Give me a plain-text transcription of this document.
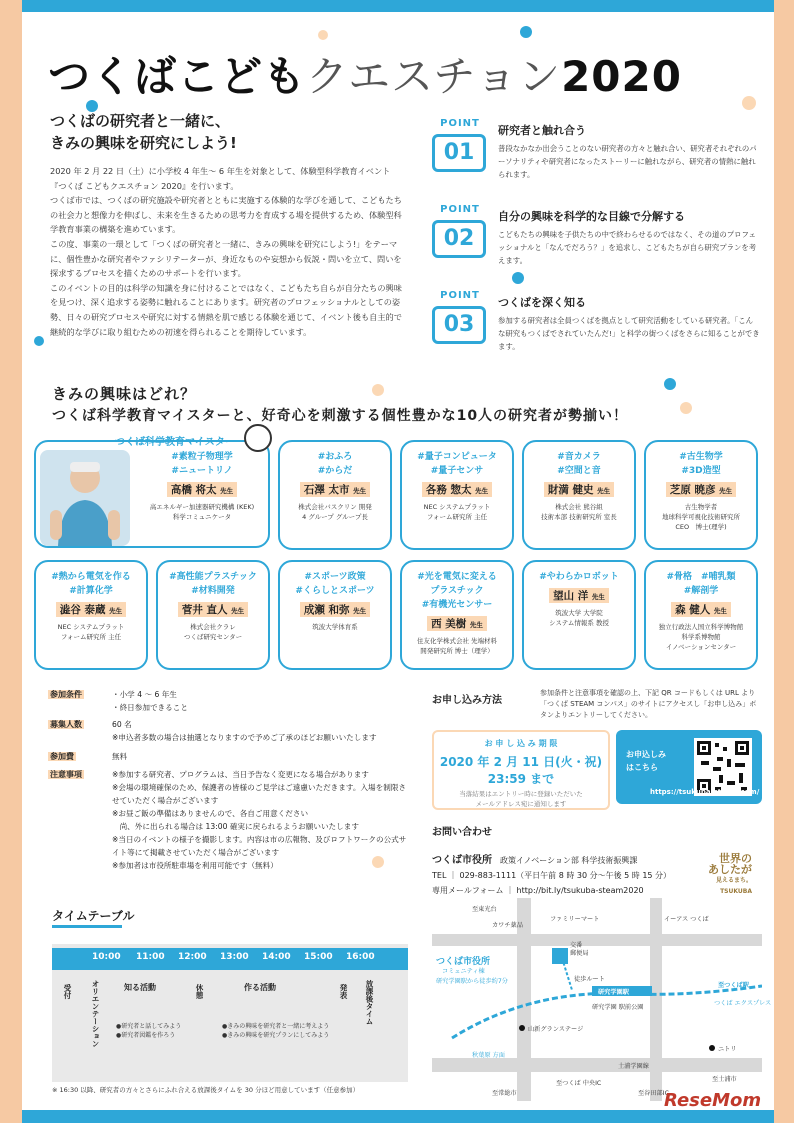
つくばこどもクエスチョン2020
つくばの研究者と一緒に、
きみの興味を研究にしよう!

2020 年 2 月 22 日（土）に小学校 4 年生～ 6 年生を対象として、体験型科学教育イベント『つくば こどもクエスチョン 2020』を行います。

つくば市では、つくばの研究施設や研究者とともに実施する体験的な学びを通して、こどもたちの社会力と想像力を伸ばし、未来を生きるための思考力を育成する場を提供するため、体験型科学教育事業の構築を進めています。

この度、事業の一環として「つくばの研究者と一緒に、きみの興味を研究にしよう!」をテーマに、個性豊かな研究者やファシリテーターが、身近なものや妄想から仮説・問いを立て、問いを探求するプロセスを描くためのサポートを行います。

このイベントの目的は科学の知識を身に付けることではなく、こどもたち自らが自分たちの興味を見つけ、深く追求する姿勢に触れることにあります。研究者のプロフェッショナルとしての姿勢、日々の研究プロセスや研究に対する情熱を肌で感じる体験を通じて、イベント後も自主的で継続的な学びに取り組むための初速を得られることを期待しています。

POINT
01
研究者と触れ合う
普段なかなか出会うことのない研究者の方々と触れ合い、研究者それぞれのパーソナリティや研究者になったストーリーに触れながら、研究者の情熱に触れられます。
POINT
02
自分の興味を科学的な目線で分解する
こどもたちの興味を子供たちの中で終わらせるのではなく、その道のプロフェッショナルと「なんでだろう？」を追求し、こどもたちが自ら研究プランを考えます。
POINT
03
つくばを深く知る
参加する研究者は全員つくばを拠点として研究活動をしている研究者。「こんな研究もつくばでされていたんだ!」と科学の街つくばをさらに知ることができます。
きみの興味はどれ？
つくば科学教育マイスターと、好奇心を刺激する個性豊かな10人の研究者が勢揃い！
#素粒子物理学
#ニュートリノ
高橋 将太 先生
高エネルギー加速器研究機構 (KEK)
科学コミュニケータ
つくば科学教育マイスター
#おふろ
#からだ
石澤 太市 先生
株式会社バスクリン 開発
4 グループ グループ長
#量子コンピュータ
#量子センサ
各務 惣太 先生
NEC システムプラット
フォーム研究所 主任
#音カメラ
#空間と音
財満 健史 先生
株式会社 熊谷組
技術本部 技術研究所 室長
#古生物学
#3D造型
芝原 暁彦 先生
古生物学者
地球科学可視化技術研究所
CEO　博士(理学)
#熱から電気を作る
#計算化学
澁谷 泰蔵 先生
NEC システムプラット
フォーム研究所 主任
#高性能プラスチック
#材料開発
菅井 直人 先生
株式会社クラレ
つくば研究センター
#スポーツ政策
#くらしとスポーツ
成瀬 和弥 先生
筑波大学体育系
#光を電気に変える
プラスチック
#有機光センサー
西 美樹 先生
住友化学株式会社 先端材料
開発研究所 博士（理学）
#やわらかロボット
望山 洋 先生
筑波大学 大学院
システム情報系 教授
#骨格　#哺乳類
#解剖学
森 健人 先生
独立行政法人国立科学博物館
科学系博物館
イノベーションセンター
参加条件	・小学 4 ～ 6 年生
・終日参加できること
募集人数	60 名
※申込者多数の場合は抽選となりますので予めご了承のほどお願いいたします
参加費	無料
注意事項	※参加する研究者、プログラムは、当日予告なく変更になる場合があります
※会場の環境確保のため、保護者の皆様のご見学はご遠慮いただきます。入場を制限させていただく場合がございます
※お昼ご飯の準備はありませんので、各自ご用意ください
　尚、外に出られる場合は 13:00 確実に戻られるようお願いいたします
※当日のイベントの様子を撮影します。内容は市の広報物、及びロフトワークの公式サイト等にて掲載させていただく場合がございます
※参加者は市役所駐車場を利用可能です（無料）
お申し込み方法
参加条件と注意事項を確認の上、下記 QR コードもしくは URL より「つくば STEAM コンパス」のサイトにアクセスし「お申し込み」ボタンよりエントリーしてください。
お 申 し 込 み 期 限
2020 年 2 月 11 日(火・祝)
23:59 まで
当落結果はエントリー時に登録いただいた
メールアドレス宛に通知します
お申込しみ
はこちら
https://tsukuba-steam.com/
お問い合わせ
つくば市役所　 政策イノベーション部 科学技術振興課
TEL ｜ 029-883-1111（平日午前 8 時 30 分～午後 5 時 15 分）
専用メールフォーム ｜ http://bit.ly/tsukuba-steam2020
世界の
あしたが
見えるまち。
TSUKUBA
至東光台
カワチ薬品
ファミリーマート	イーアス つくば
交番
郵便局
つくば市役所
コミュニティ棟
研究学園駅から徒歩約7分	徒歩ルート
研究学園駅
研究学園 駅前公園
至つくば駅
つくば エクスプレス
山新グランステージ
ニトリ
土浦学園線
秋葉原 方面
至土浦市
至常総市
至つくば 中央IC
至谷田部IC
タイムテーブル
10:00 11:00 12:00 13:00 14:00 15:00 16:00
受付	オリエンテーション	知る活動	休憩	作る活動	発表 放課後タイム
●研究者と話してみよう
●研究者図鑑を作ろう
●きみの興味を研究者と一緒に考えよう
●きみの興味を研究プランにしてみよう
※ 16:30 以降、研究者の方々とさらにふれ合える放課後タイムを 30 分ほど用意しています（任意参加）	ReseMom
